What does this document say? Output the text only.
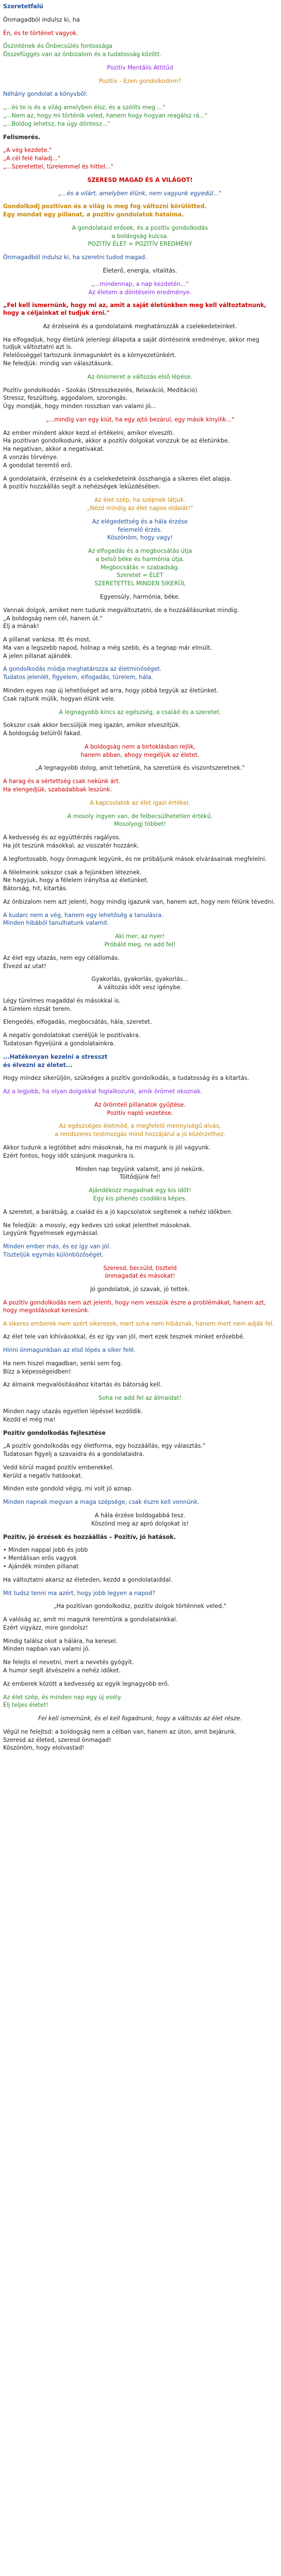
Szeretetfalú

Önmagadból indulsz ki, ha

Én, és te történet vagyok.

Őszintének és Önbecsülés fontossága

Összefüggés van az önbizalom és a tudatosság között.

Pozitív Mentális Attitűd

Pozitív - Ezen gondolkodom?

Néhány gondolat a könyvből:

„...és te is és a világ amelyben élsz, és a szólíts meg ..."

„...Nem az, hogy mi történik veled, hanem hogy hogyan reagálsz rá..."

„...Boldog lehetsz, ha úgy döntesz..."

Felismerés.

„A vég kezdete."

„A cél felé haladj..."

„...Szeretettel, türelemmel és hittel..."

SZERESD MAGAD ÉS A VILÁGOT!

„...és a vilárt, amelyben élünk, nem vagyunk egyedül..."

Gondolkodj pozitívan és a világ is meg fog változni körülötted.

Egy mondat egy pillanat, a pozitív gondolatok hatalma.

A gondolataid erősek, és a pozitív gondolkodás

a boldogság kulcsa.

POZITÍV ÉLET = POZITÍV EREDMÉNY

Önmagadból indulsz ki, ha szeretni tudod magad.

Életerő, energia, vitalitás.

„...mindennap, a nap kezdetén..."

Az életem a döntéseim eredménye.

„Fel kell ismernünk, hogy mi az, amit a saját életünkben meg kell változtatnunk, hogy a céljainkat el tudjuk érni."

Az érzéseink és a gondolataink meghatározzák a cselekedeteinket.

Ha elfogadjuk, hogy életünk jelenlegi állapota a saját döntéseink eredménye, akkor meg tudjuk változtatni azt is.

Felelősséggel tartozunk önmagunkért és a környezetünkért.

Ne feledjük: mindig van választásunk.

Az önismeret a változás első lépése.

Pozitív gondolkodás - Szokás (Stresszkezelés, Relaxáció, Meditáció)

Stressz, feszültség, aggodalom, szorongás.

Úgy mondják, hogy minden rosszban van valami jó...

„...mindig van egy kiút, ha egy ajtó bezárul, egy másik kinyílik..."

Az ember mindent akkor kezd el értékelni, amikor elveszíti.

Ha pozitívan gondolkodunk, akkor a pozitív dolgokat vonzzuk be az életünkbe.

Ha negatívan, akkor a negatívakat.

A vonzás törvénye.

A gondolat teremtő erő.

A gondolataink, érzéseink és a cselekedeteink összhangja a sikeres élet alapja.

A pozitív hozzáállás segít a nehézségek leküzdésében.

Az élet szép, ha szépnek látjuk.

„Nézd mindig az élet napos oldalát!"

Az elégedettség és a hála érzése

felemelő érzés.

Köszönöm, hogy vagy!

Az elfogadás és a megbocsátás útja

a belső béke és harmónia útja.

Megbocsátás = szabadság.

Szeretet = ÉLET

SZERETETTEL MINDEN SIKERÜL

Egyensúly, harmónia, béke.

Vannak dolgok, amiket nem tudunk megváltoztatni, de a hozzáállásunkat mindig.

„A boldogság nem cél, hanem út."

Élj a mának!

A pillanat varázsa. Itt és most.

Ma van a legszebb napod, holnap a még szebb, és a tegnap már elmúlt.

A jelen pillanat ajándék.

A gondolkodás módja meghatározza az életminőséget.

Tudatos jelenlét, figyelem, elfogadás, türelem, hála.

Minden egyes nap új lehetőséget ad arra, hogy jobbá tegyük az életünket.

Csak rajtunk múlik, hogyan élünk vele.

A legnagyobb kincs az egészség, a család és a szeretet.

Sokszor csak akkor becsüljük meg igazán, amikor elveszítjük.

A boldogság belülről fakad.

A boldogság nem a birtoklásban rejlik,

hanem abban, ahogy megéljük az életet.

„A legnagyobb dolog, amit tehetünk, ha szeretünk és viszontszeretnek."

A harag és a sértettség csak nekünk árt.

Ha elengedjük, szabadabbak leszünk.

A kapcsolatok az élet igazi értékei.

A mosoly ingyen van, de felbecsülhetetlen értékű.

Mosolyogj többet!

A kedvesség és az együttérzés ragályos.

Ha jót teszünk másokkal, az visszatér hozzánk.

A legfontosabb, hogy önmagunk legyünk, és ne próbáljunk mások elvárásainak megfelelni.

A félelmeink sokszor csak a fejünkben léteznek.

Ne hagyjuk, hogy a félelem irányítsa az életünket.

Bátorság, hit, kitartás.

Az önbizalom nem azt jelenti, hogy mindig igazunk van, hanem azt, hogy nem félünk tévedni.

A kudarc nem a vég, hanem egy lehetőség a tanulásra.

Minden hibából tanulhatunk valamit.

Aki mer, az nyer!

Próbáld meg, ne add fel!

Az élet egy utazás, nem egy célállomás.

Élvezd az utat!

Gyakorlás, gyakorlás, gyakorlás...

A változás időt vesz igénybe.

Légy türelmes magaddal és másokkal is.

A türelem rózsát terem.

Elengedés, elfogadás, megbocsátás, hála, szeretet.

A negatív gondolatokat cseréljük le pozitívakra.

Tudatosan figyeljünk a gondolatainkra.

...Hatékonyan kezelni a stresszt

és élvezni az életet...

Hogy mindez sikerüljön, szükséges a pozitív gondolkodás, a tudatosság és a kitartás.

Az a legjobb, ha olyan dolgokkal foglalkozunk, amik örömet okoznak.

Az örömteli pillanatok gyűjtése.

Pozitív napló vezetése.

Az egészséges életmód, a megfelelő mennyiségű alvás,

a rendszeres testmozgás mind hozzájárul a jó közérzethez.

Akkor tudunk a legtöbbet adni másoknak, ha mi magunk is jól vagyunk.

Ezért fontos, hogy időt szánjunk magunkra is.

Minden nap tegyünk valamit, ami jó nekünk.

Töltődjünk fel!

Ajándékozz magadnak egy kis időt!

Egy kis pihenés csodákra képes.

A szeretet, a barátság, a család és a jó kapcsolatok segítenek a nehéz időkben.

Ne feledjük: a mosoly, egy kedves szó sokat jelenthet másoknak.

Legyünk figyelmesek egymással.

Minden ember más, és ez így van jól.

Tiszteljük egymás különbözőségét.

Szeresd, becsüld, tiszteld

önmagadat és másokat!

Jó gondolatok, jó szavak, jó tettek.

A pozitív gondolkodás nem azt jelenti, hogy nem vesszük észre a problémákat, hanem azt, hogy megoldásokat keresünk.

A sikeres emberek nem azért sikeresek, mert soha nem hibáznak, hanem mert nem adják fel.

Az élet tele van kihívásokkal, és ez így van jól, mert ezek tesznek minket erősebbé.

Hinni önmagunkban az első lépés a siker felé.

Ha nem hiszel magadban, senki sem fog.

Bízz a képességeidben!

Az álmaink megvalósításához kitartás és bátorság kell.

Soha ne add fel az álmaidat!

Minden nagy utazás egyetlen lépéssel kezdődik.

Kezdd el még ma!

Pozitív gondolkodás fejlesztése

„A pozitív gondolkodás egy életforma, egy hozzáállás, egy választás."

Tudatosan figyelj a szavaidra és a gondolataidra.

Vedd körül magad pozitív emberekkel.

Kerüld a negatív hatásokat.

Minden este gondold végig, mi volt jó aznap.

Minden napnak megvan a maga szépsége, csak észre kell vennünk.

A hála érzése boldogabbá tesz.

Köszönd meg az apró dolgokat is!

Pozitív, jó érzések és hozzáállás – Pozitív, jó hatások.

• Minden nappal jobb és jobb

• Mentálisan erős vagyok

• Ajándék minden pillanat

Ha változtatni akarsz az életeden, kezdd a gondolataiddal.

Mit tudsz tenni ma azért, hogy jobb legyen a napod?

„Ha pozitívan gondolkodsz, pozitív dolgok történnek veled."

A valóság az, amit mi magunk teremtünk a gondolatainkkal.

Ezért vigyázz, mire gondolsz!

Mindig találsz okot a hálára, ha keresel.

Minden napban van valami jó.

Ne felejts el nevetni, mert a nevetés gyógyít.

A humor segít átvészelni a nehéz időket.

Az emberek között a kedvesség az egyik legnagyobb erő.

Az élet szép, és minden nap egy új esély.

Élj teljes életet!

Fel kell ismernünk, és el kell fogadnunk, hogy a változás az élet része.

Végül ne felejtsd: a boldogság nem a célban van, hanem az úton, amit bejárunk.

Szeresd az életed, szeresd önmagad!

Köszönöm, hogy elolvastad!
